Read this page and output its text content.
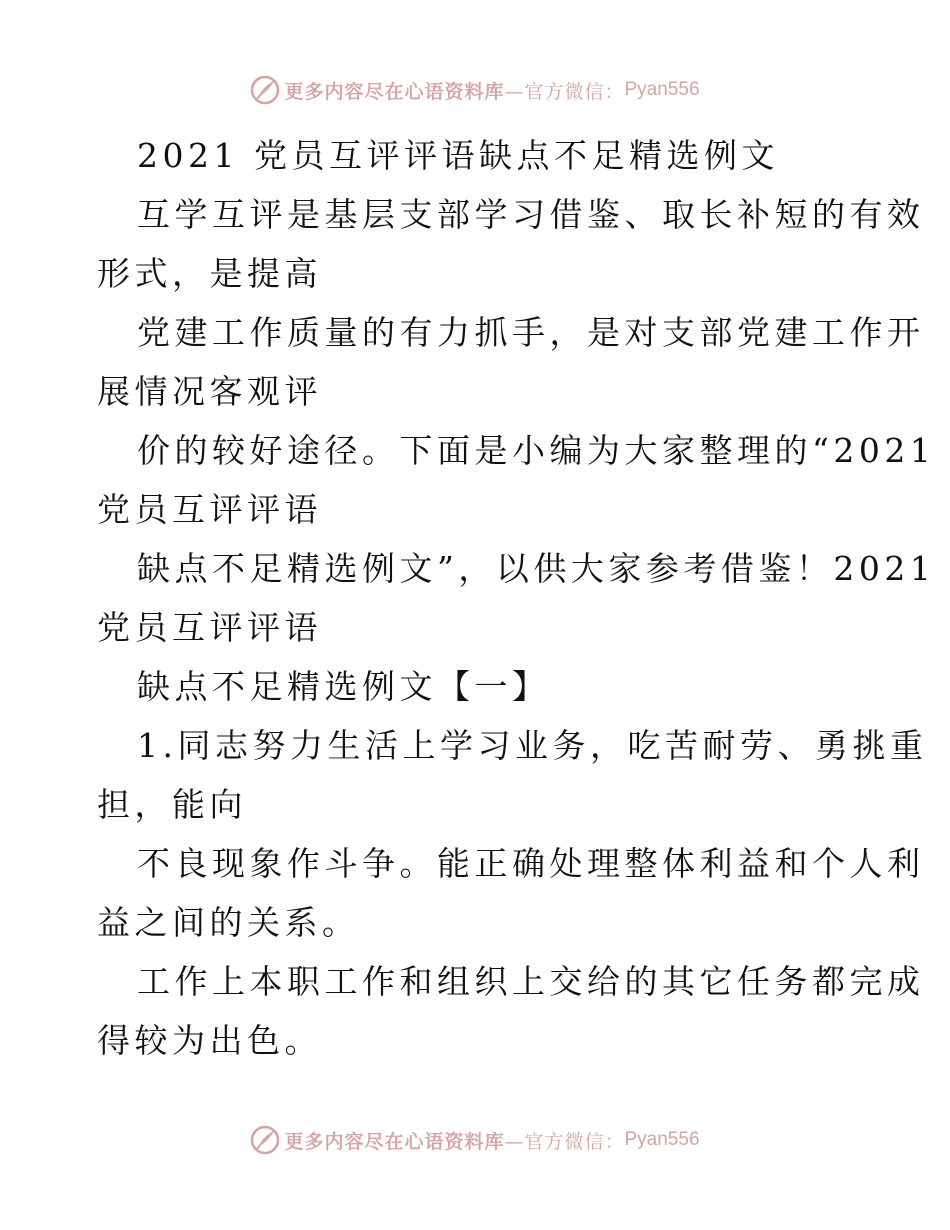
更多内容尽在心语资料库 —官方微信： Pyan556
2021 党员互评评语缺点不足精选例文
互学互评是基层支部学习借鉴、取长补短的有效
形式，是提高
党建工作质量的有力抓手，是对支部党建工作开
展情况客观评
价的较好途径。下面是小编为大家整理的“2021
党员互评评语
缺点不足精选例文”，以供大家参考借鉴！2021
党员互评评语
缺点不足精选例文【一】
1.同志努力生活上学习业务，吃苦耐劳、勇挑重
担，能向
不良现象作斗争。能正确处理整体利益和个人利
益之间的关系。
工作上本职工作和组织上交给的其它任务都完成
得较为出色。
更多内容尽在心语资料库 —官方微信： Pyan556
